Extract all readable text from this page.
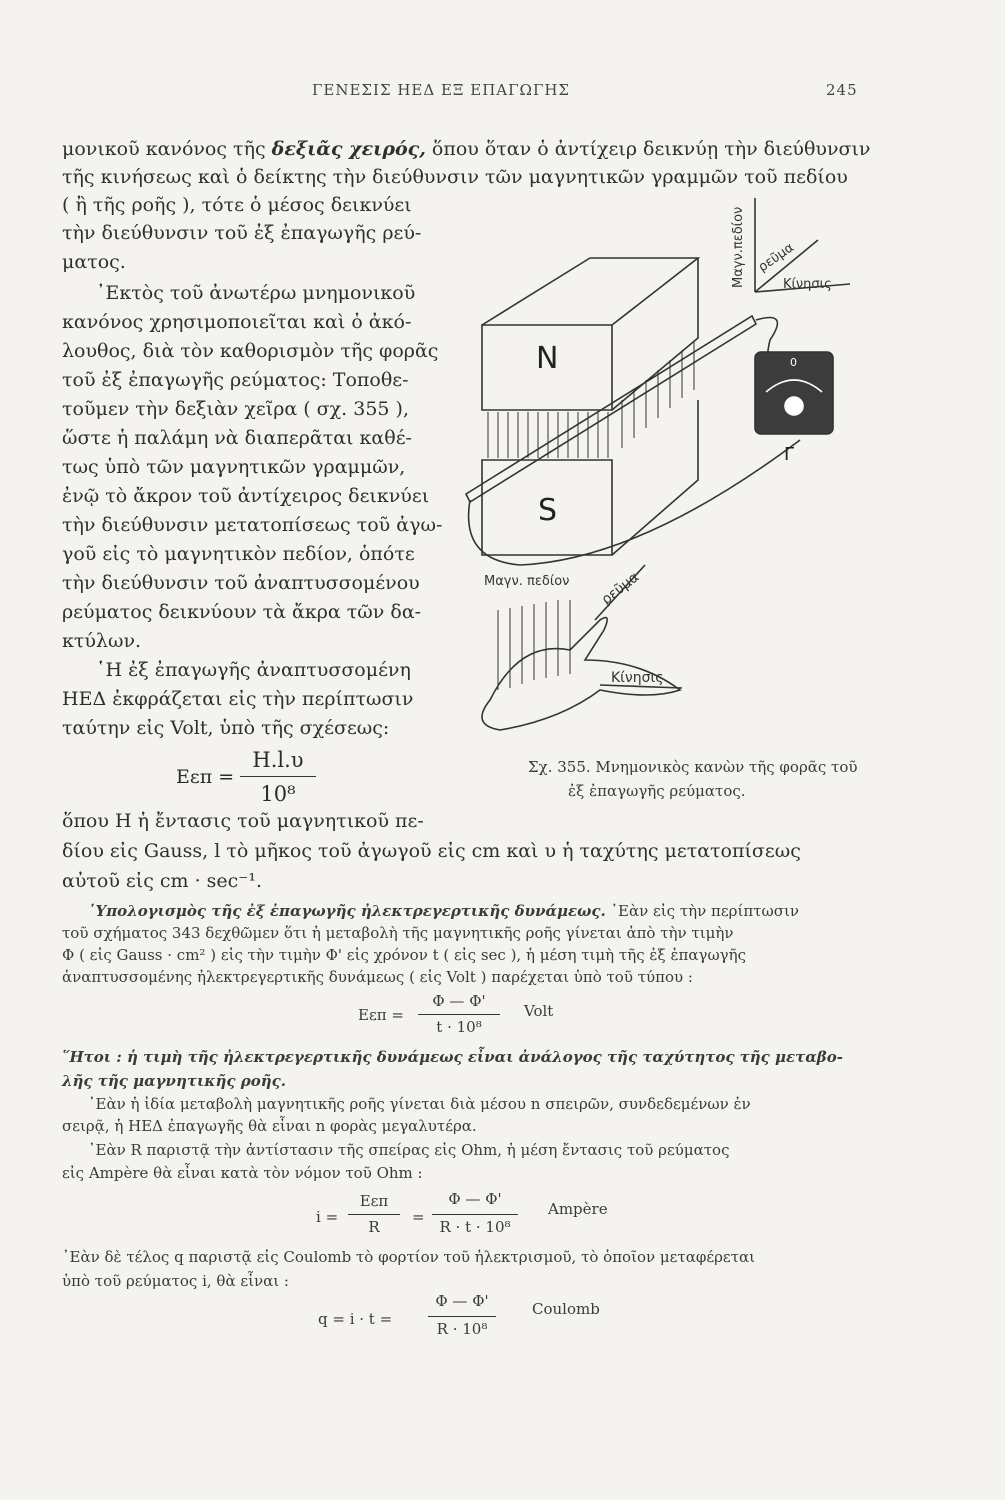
ΓΕΝΕΣΙΣ ΗΕΔ ΕΞ ΕΠΑΓΩΓΗΣ	245
μονικοῦ κανόνος τῆς δεξιᾶς χειρός, ὅπου ὅταν ὁ ἀντίχειρ δεικνύῃ τὴν διεύθυνσιν
τῆς κινήσεως καὶ ὁ δείκτης τὴν διεύθυνσιν τῶν μαγνητικῶν γραμμῶν τοῦ πεδίου
( ἢ τῆς ροῆς ), τότε ὁ μέσος δεικνύει
τὴν διεύθυνσιν τοῦ ἐξ ἐπαγωγῆς ρεύ-
ματος.
᾿Εκτὸς τοῦ ἀνωτέρω μνημονικοῦ
κανόνος χρησιμοποιεῖται καὶ ὁ ἀκό-
λουθος, διὰ τὸν καθορισμὸν τῆς φορᾶς
τοῦ ἐξ ἐπαγωγῆς ρεύματος: Τοποθε-
τοῦμεν τὴν δεξιὰν χεῖρα ( σχ. 355 ),
ὥστε ἡ παλάμη νὰ διαπερᾶται καθέ-
τως ὑπὸ τῶν μαγνητικῶν γραμμῶν,
ἐνῷ τὸ ἄκρον τοῦ ἀντίχειρος δεικνύει
τὴν διεύθυνσιν μετατοπίσεως τοῦ ἀγω-
γοῦ εἰς τὸ μαγνητικὸν πεδίον, ὁπότε
τὴν διεύθυνσιν τοῦ ἀναπτυσσομένου
ρεύματος δεικνύουν τὰ ἄκρα τῶν δα-
κτύλων.
῾Η ἐξ ἐπαγωγῆς ἀναπτυσσομένη
ΗΕΔ ἐκφράζεται εἰς τὴν περίπτωσιν
ταύτην εἰς Volt, ὑπὸ τῆς σχέσεως:
Eεπ =
H.l.υ
10⁸
ὅπου H ἡ ἔντασις τοῦ μαγνητικοῦ πε-
δίου εἰς Gauss, l τὸ μῆκος τοῦ ἀγωγοῦ εἰς cm καὶ υ ἡ ταχύτης μετατοπίσεως
αὐτοῦ εἰς cm · sec⁻¹.
N
S
Γ
0
Μαγν.πεδίον ρεῦμα
Κίνησις
Μαγν. πεδίον ρεῦμα
Κίνησις
Σχ. 355. Μνημονικὸς κανὼν τῆς φορᾶς τοῦ
ἐξ ἐπαγωγῆς ρεύματος.
῾Υπολογισμὸς τῆς ἐξ ἐπαγωγῆς ἠλεκτρεγερτικῆς δυνάμεως. ᾿Εὰν εἰς τὴν περίπτωσιν
τοῦ σχήματος 343 δεχθῶμεν ὅτι ἡ μεταβολὴ τῆς μαγνητικῆς ροῆς γίνεται ἀπὸ τὴν τιμὴν
Φ ( εἰς Gauss · cm² ) εἰς τὴν τιμὴν Φ' εἰς χρόνον t ( εἰς sec ), ἡ μέση τιμὴ τῆς ἐξ ἐπαγωγῆς
ἀναπτυσσομένης ἠλεκτρεγερτικῆς δυνάμεως ( εἰς Volt ) παρέχεται ὑπὸ τοῦ τύπου :
Eεπ =
Φ — Φ'
t · 10⁸
Volt
῞Ητοι : ἡ τιμὴ τῆς ἠλεκτρεγερτικῆς δυνάμεως εἶναι ἀνάλογος τῆς ταχύτητος τῆς μεταβο-
λῆς τῆς μαγνητικῆς ροῆς.
᾿Εὰν ἡ ἰδία μεταβολὴ μαγνητικῆς ροῆς γίνεται διὰ μέσου n σπειρῶν, συνδεδεμένων ἐν
σειρᾷ, ἡ ΗΕΔ ἐπαγωγῆς θὰ εἶναι n φορὰς μεγαλυτέρα.
᾿Εὰν R παριστᾷ τὴν ἀντίστασιν τῆς σπείρας εἰς Ohm, ἡ μέση ἔντασις τοῦ ρεύματος
εἰς Ampère θὰ εἶναι κατὰ τὸν νόμον τοῦ Ohm :
i =
Eεπ
R
=
Φ — Φ'
R · t · 10⁸
Ampère
᾿Εὰν δὲ τέλος q παριστᾷ εἰς Coulomb τὸ φορτίον τοῦ ἠλεκτρισμοῦ, τὸ ὁποῖον μεταφέρεται
ὑπὸ τοῦ ρεύματος i, θὰ εἶναι :
q = i · t =
Φ — Φ'
R · 10⁸
Coulomb
